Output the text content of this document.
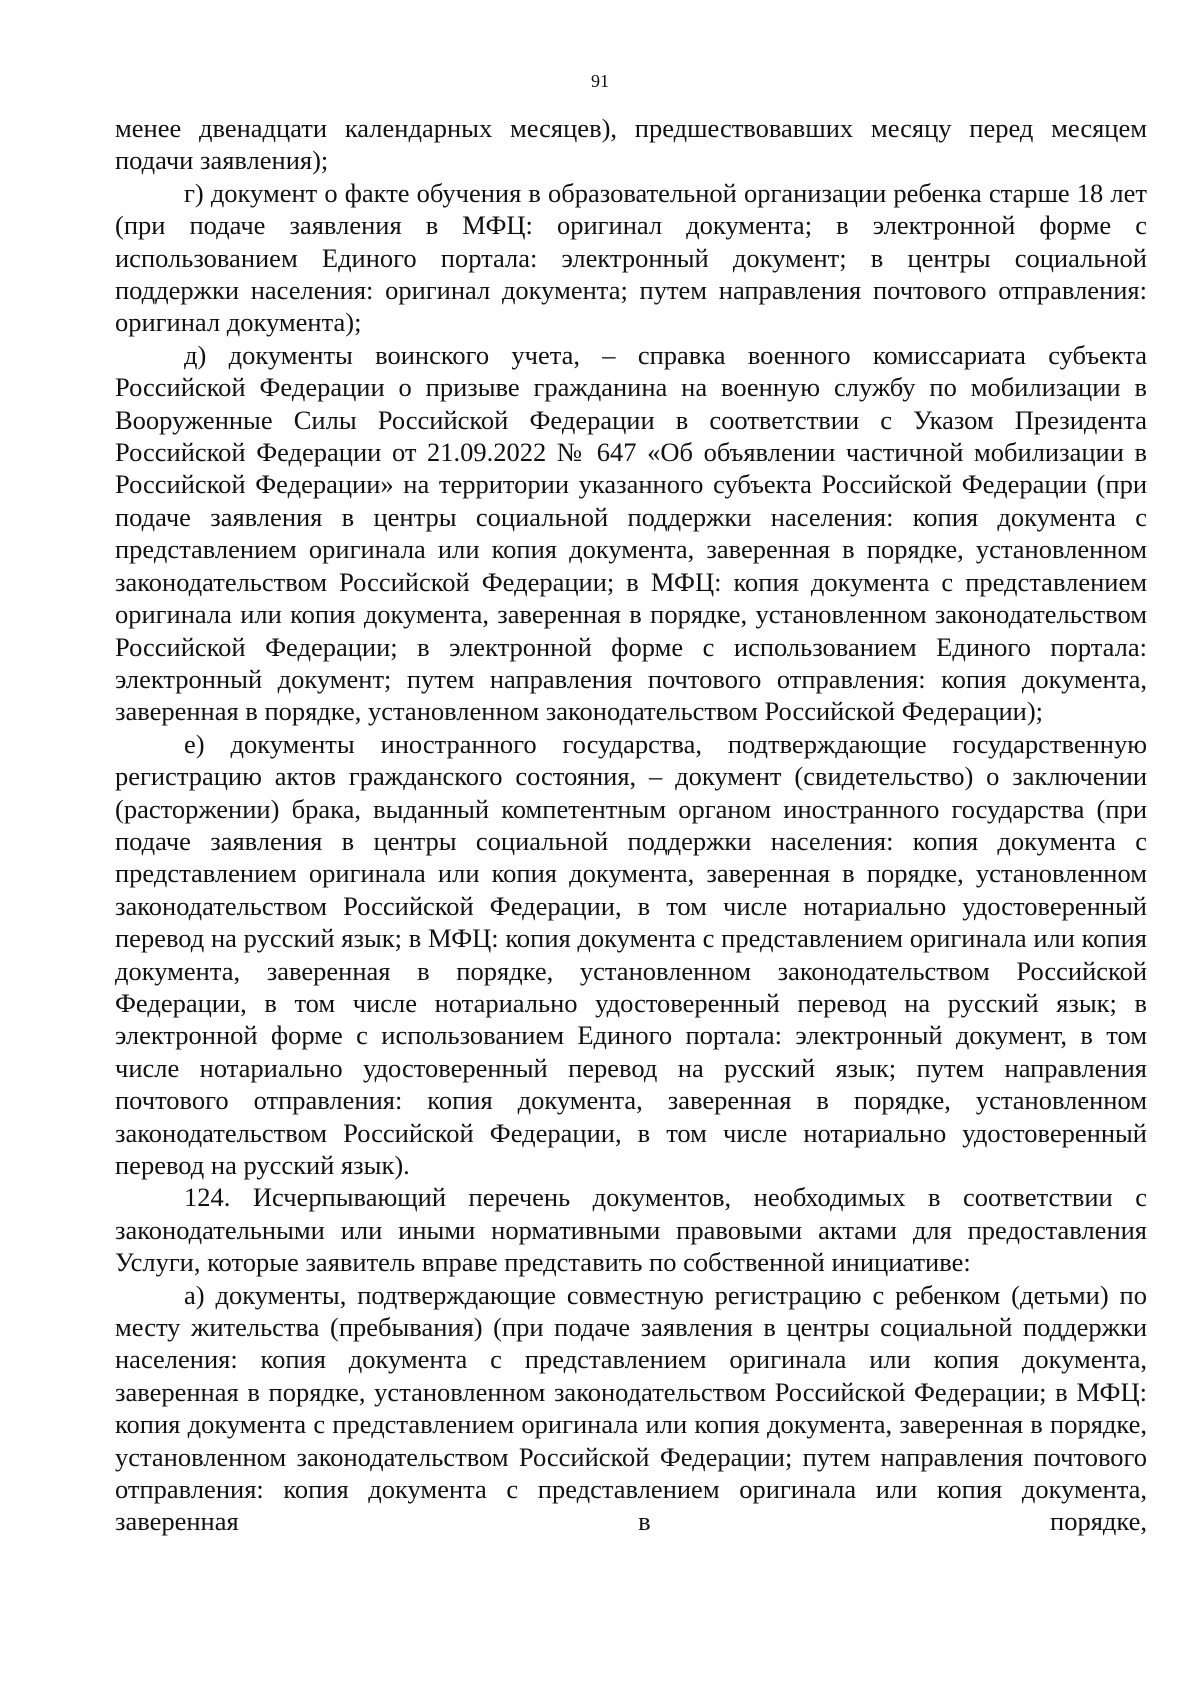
91

менее двенадцати календарных месяцев), предшествовавших месяцу перед месяцем подачи заявления);

г) документ о факте обучения в образовательной организации ребенка старше 18 лет (при подаче заявления в МФЦ: оригинал документа; в электронной форме с использованием Единого портала: электронный документ; в центры социальной поддержки населения: оригинал документа; путем направления почтового отправления: оригинал документа);

д) документы воинского учета, – справка военного комиссариата субъекта Российской Федерации о призыве гражданина на военную службу по мобилизации в Вооруженные Силы Российской Федерации в соответствии с Указом Президента Российской Федерации от 21.09.2022 № 647 «Об объявлении частичной мобилизации в Российской Федерации» на территории указанного субъекта Российской Федерации (при подаче заявления в центры социальной поддержки населения: копия документа с представлением оригинала или копия документа, заверенная в порядке, установленном законодательством Российской Федерации; в МФЦ: копия документа с представлением оригинала или копия документа, заверенная в порядке, установленном законодательством Российской Федерации; в электронной форме с использованием Единого портала: электронный документ; путем направления почтового отправления: копия документа, заверенная в порядке, установленном законодательством Российской Федерации);

е) документы иностранного государства, подтверждающие государственную регистрацию актов гражданского состояния, – документ (свидетельство) о заключении (расторжении) брака, выданный компетентным органом иностранного государства (при подаче заявления в центры социальной поддержки населения: копия документа с представлением оригинала или копия документа, заверенная в порядке, установленном законодательством Российской Федерации, в том числе нотариально удостоверенный перевод на русский язык; в МФЦ: копия документа с представлением оригинала или копия документа, заверенная в порядке, установленном законодательством Российской Федерации, в том числе нотариально удостоверенный перевод на русский язык; в электронной форме с использованием Единого портала: электронный документ, в том числе нотариально удостоверенный перевод на русский язык; путем направления почтового отправления: копия документа, заверенная в порядке, установленном законодательством Российской Федерации, в том числе нотариально удостоверенный перевод на русский язык).

124. Исчерпывающий перечень документов, необходимых в соответствии с законодательными или иными нормативными правовыми актами для предоставления Услуги, которые заявитель вправе представить по собственной инициативе:

а) документы, подтверждающие совместную регистрацию с ребенком (детьми) по месту жительства (пребывания) (при подаче заявления в центры социальной поддержки населения: копия документа с представлением оригинала или копия документа, заверенная в порядке, установленном законодательством Российской Федерации; в МФЦ: копия документа с представлением оригинала или копия документа, заверенная в порядке, установленном законодательством Российской Федерации; путем направления почтового отправления: копия документа с представлением оригинала или копия документа, заверенная в порядке,
